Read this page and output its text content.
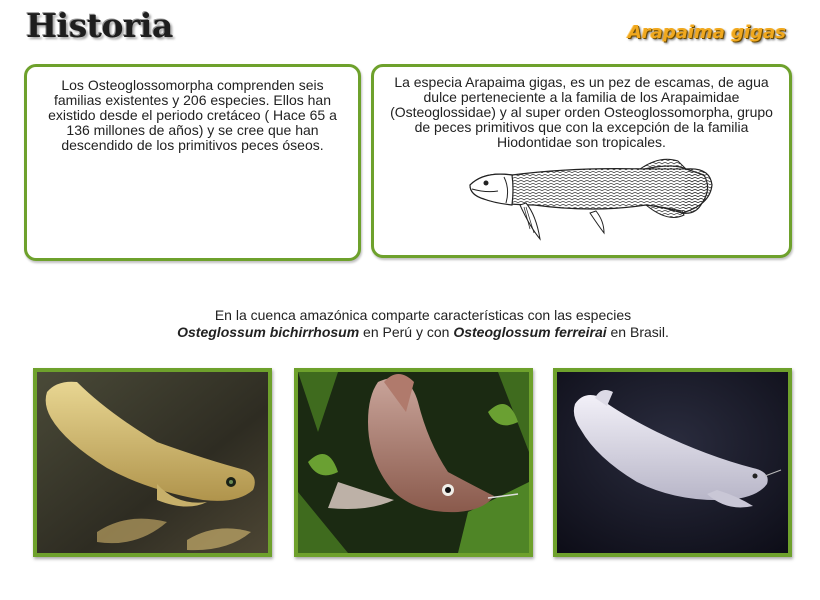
Historia	Arapaima gigas

Los Osteoglossomorpha comprenden seis familias existentes y 206 especies. Ellos han existido desde el periodo cretáceo ( Hace 65 a 136 millones de años) y se cree que han descendido de los primitivos peces óseos.

La especia Arapaima gigas, es un pez de escamas, de agua dulce perteneciente a la familia de los Arapaimidae (Osteoglossidae) y al super orden Osteoglossomorpha, grupo de peces primitivos que con la excepción de la familia Hiodontidae son tropicales.

En la cuenca amazónica comparte características con las especies
Osteglossum bichirrhosum en Perú y con Osteoglossum ferreirai en Brasil.
